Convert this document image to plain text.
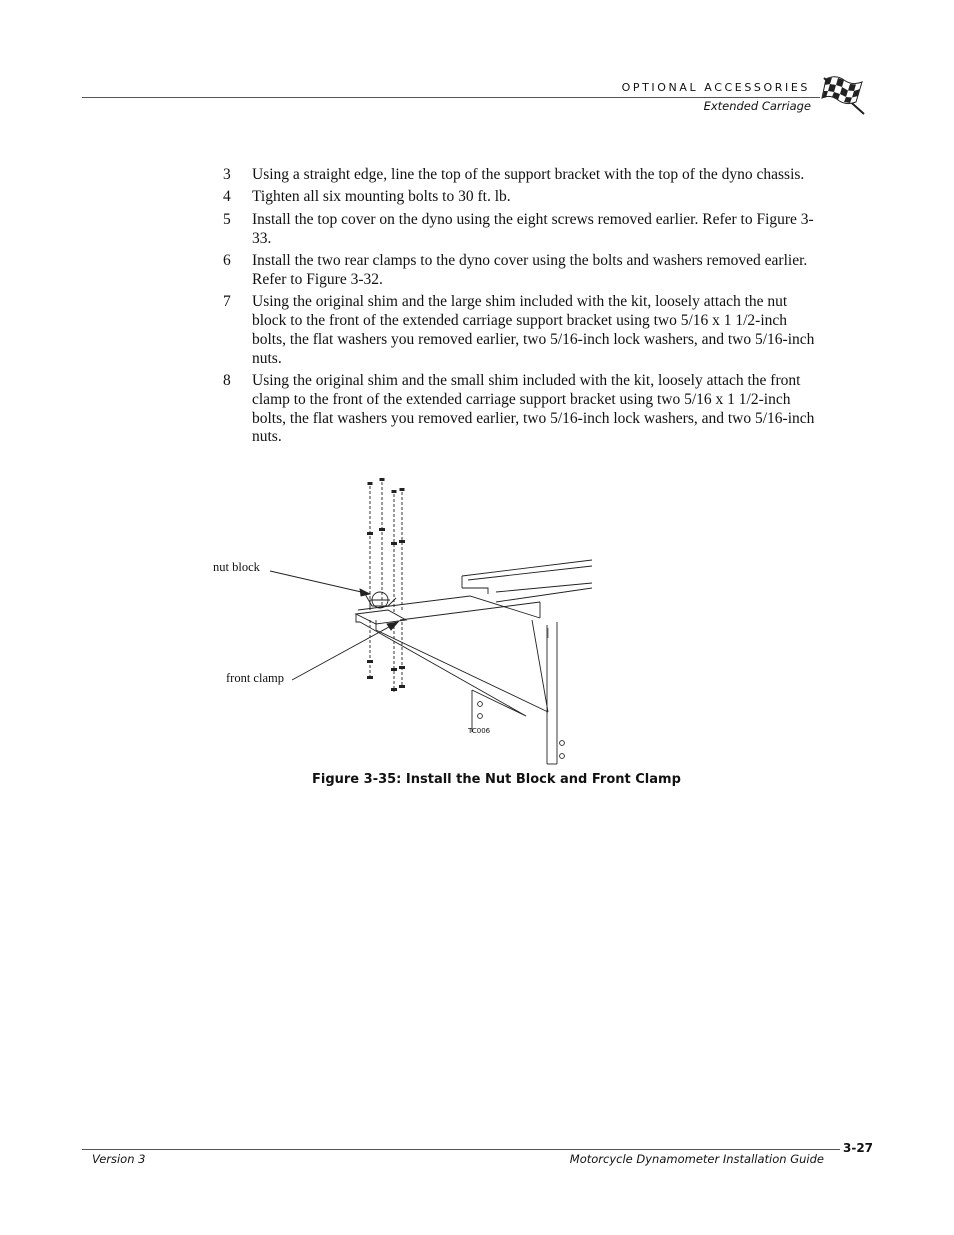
OPTIONAL ACCESSORIES
Extended Carriage
3	Using a straight edge, line the top of the support bracket with the top of the dyno chassis.
4	Tighten all six mounting bolts to 30 ft. lb.
5	Install the top cover on the dyno using the eight screws removed earlier. Refer to Figure 3-33.
6	Install the two rear clamps to the dyno cover using the bolts and washers removed earlier. Refer to Figure 3-32.
7	Using the original shim and the large shim included with the kit, loosely attach the nut block to the front of the extended carriage support bracket using two 5/16 x 1 1/2-inch bolts, the flat washers you removed earlier, two 5/16-inch lock washers, and two 5/16-inch nuts.
8	Using the original shim and the small shim included with the kit, loosely attach the front clamp to the front of the extended carriage support bracket using two 5/16 x 1 1/2-inch bolts, the flat washers you removed earlier, two 5/16-inch lock washers, and two 5/16-inch nuts.
nut block
front clamp
TC006
Figure 3-35: Install the Nut Block and Front Clamp
3-27
Version 3	Motorcycle Dynamometer Installation Guide
